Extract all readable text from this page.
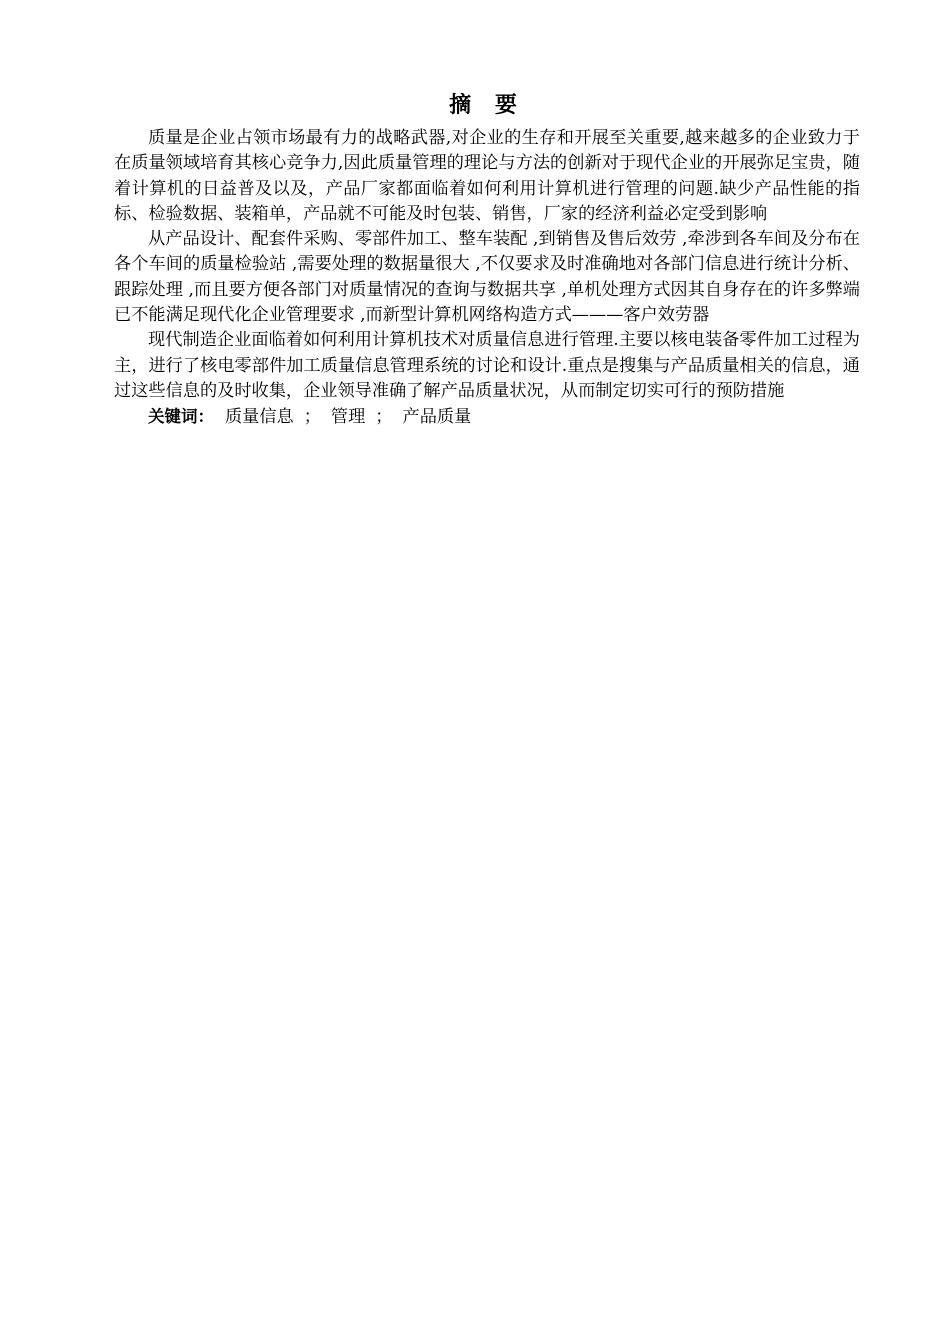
摘 要

质量是企业占领市场最有力的战略武器,对企业的生存和开展至关重要,越来越多的企业致力于在质量领域培育其核心竞争力,因此质量管理的理论与方法的创新对于现代企业的开展弥足宝贵，随着计算机的日益普及以及，产品厂家都面临着如何利用计算机进行管理的问题.缺少产品性能的指标、检验数据、装箱单，产品就不可能及时包装、销售，厂家的经济利益必定受到影响

从产品设计、配套件采购、零部件加工、整车装配 ,到销售及售后效劳 ,牵涉到各车间及分布在各个车间的质量检验站 ,需要处理的数据量很大 ,不仅要求及时准确地对各部门信息进行统计分析、跟踪处理 ,而且要方便各部门对质量情况的查询与数据共享 ,单机处理方式因其自身存在的许多弊端已不能满足现代化企业管理要求 ,而新型计算机网络构造方式———客户效劳器

现代制造企业面临着如何利用计算机技术对质量信息进行管理.主要以核电装备零件加工过程为主，进行了核电零部件加工质量信息管理系统的讨论和设计.重点是搜集与产品质量相关的信息，通过这些信息的及时收集，企业领导准确了解产品质量状况，从而制定切实可行的预防措施

关键词： 质量信息 ； 管理 ； 产品质量
